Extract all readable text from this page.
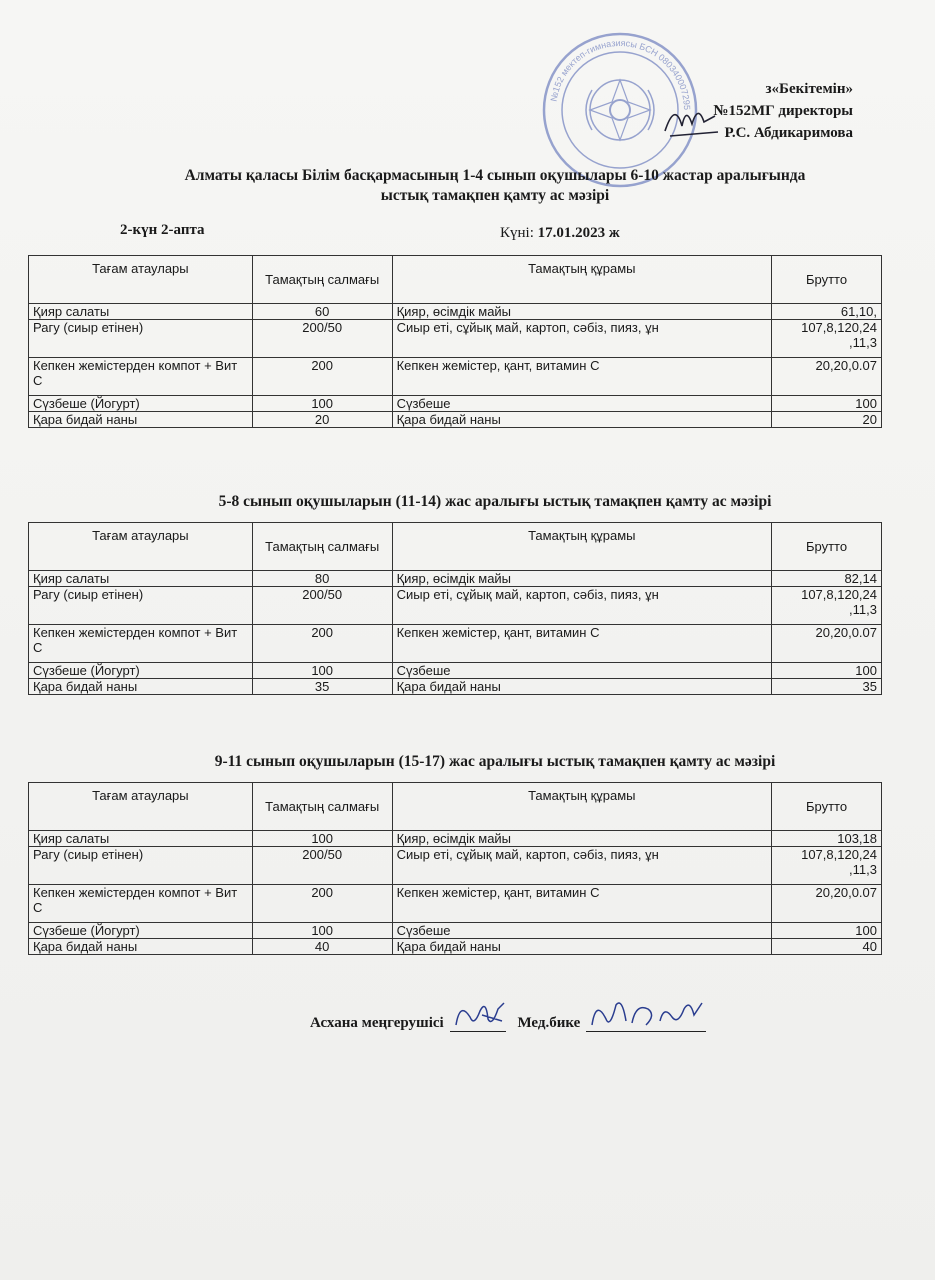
№152 мектеп-гимназиясы БСН 080340007295
з«Бекітемін»
№152МГ директоры
Р.С. Абдикаримова
Алматы қаласы Білім басқармасының 1-4 сынып оқушылары 6-10 жастар аралығында
ыстық тамақпен қамту ас мәзірі
2-күн 2-апта	Күні: 17.01.2023 ж
Тағам атаулары	Тамақтың салмағы	Тамақтың құрамы	Брутто
Қияр салаты	60	Қияр, өсімдік майы	61,10,
Рагу (сиыр етінен)	200/50	Сиыр еті, сұйық май, картоп, сәбіз, пияз, ұн	107,8,120,24 ,11,3
Кепкен жемістерден компот + Вит С	200	Кепкен жемістер, қант, витамин С	20,20,0.07
Сүзбеше (Йогурт)	100	Сүзбеше	100
Қара бидай наны	20	Қара бидай наны	20
5-8 сынып оқушыларын (11-14) жас аралығы ыстық тамақпен қамту ас мәзірі
Тағам атаулары	Тамақтың салмағы	Тамақтың құрамы	Брутто
Қияр салаты	80	Қияр, өсімдік майы	82,14
Рагу (сиыр етінен)	200/50	Сиыр еті, сұйық май, картоп, сәбіз, пияз, ұн	107,8,120,24 ,11,3
Кепкен жемістерден компот + Вит С	200	Кепкен жемістер, қант, витамин С	20,20,0.07
Сүзбеше (Йогурт)	100	Сүзбеше	100
Қара бидай наны	35	Қара бидай наны	35
9-11 сынып оқушыларын (15-17) жас аралығы ыстық тамақпен қамту ас мәзірі
Тағам атаулары	Тамақтың салмағы	Тамақтың құрамы	Брутто
Қияр салаты	100	Қияр, өсімдік майы	103,18
Рагу (сиыр етінен)	200/50	Сиыр еті, сұйық май, картоп, сәбіз, пияз, ұн	107,8,120,24 ,11,3
Кепкен жемістерден компот + Вит С	200	Кепкен жемістер, қант, витамин С	20,20,0.07
Сүзбеше (Йогурт)	100	Сүзбеше	100
Қара бидай наны	40	Қара бидай наны	40
Асхана меңгерушісі	Мед.бике
